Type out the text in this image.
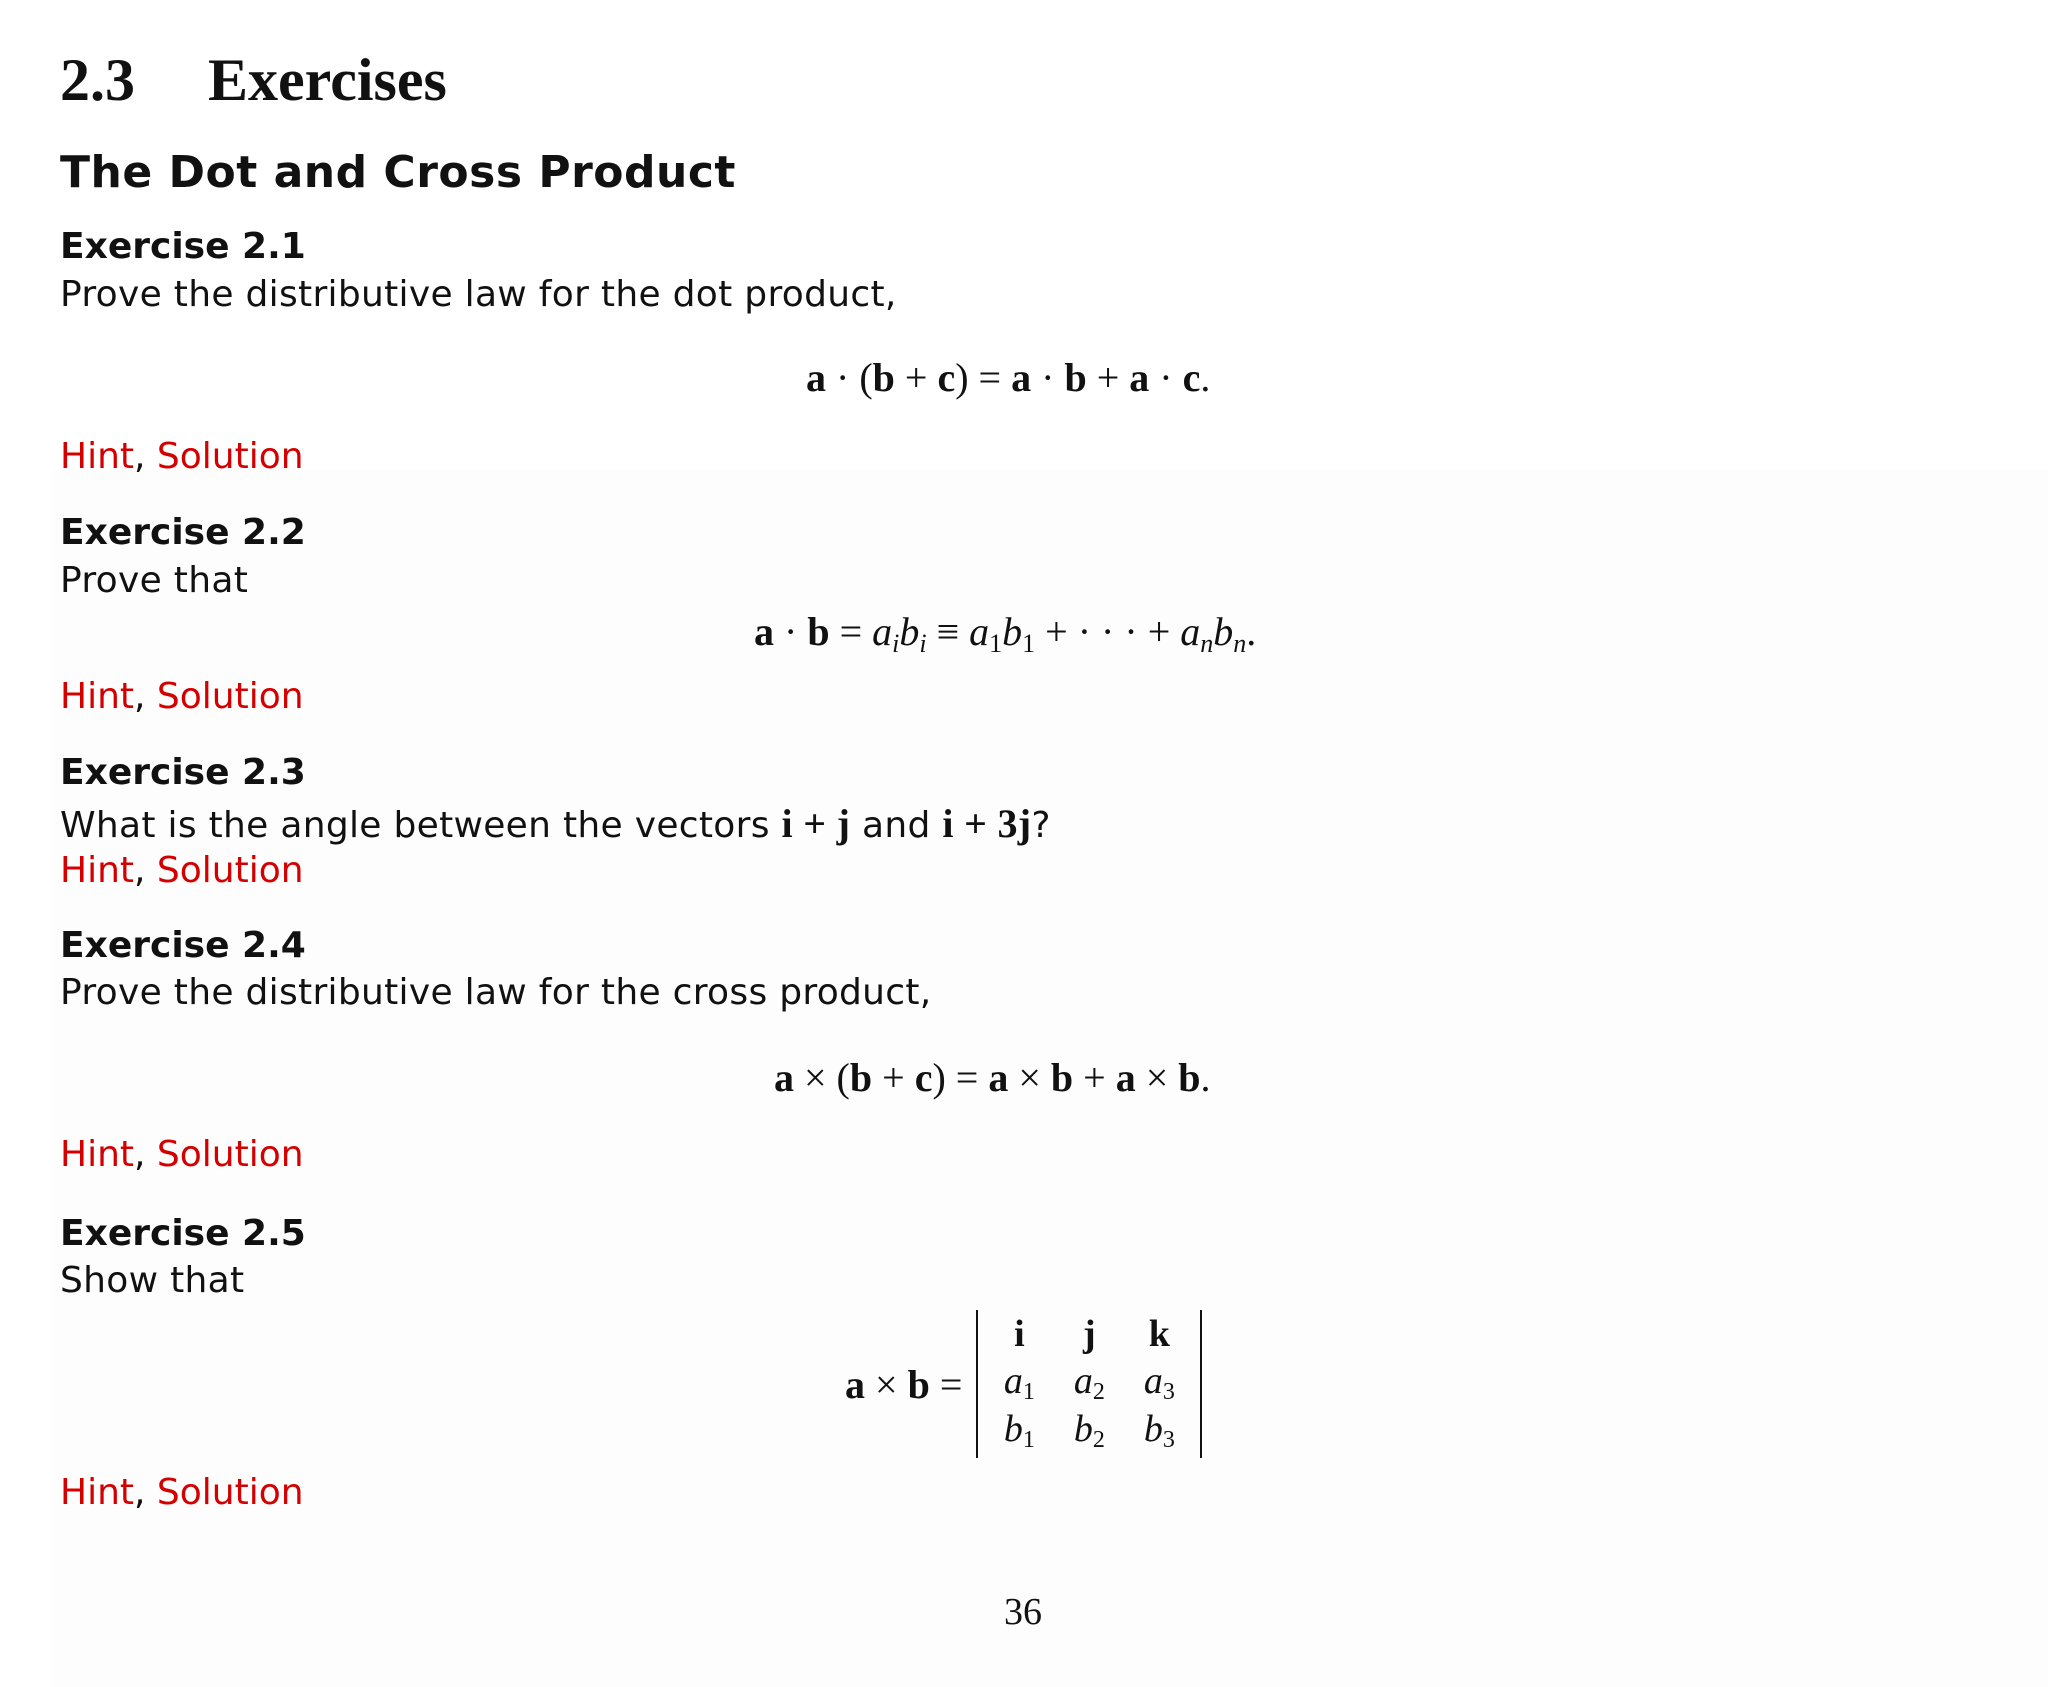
2.3 Exercises
The Dot and Cross Product
Exercise 2.1
Prove the distributive law for the dot product,
a · (b + c) = a · b + a · c.
Hint, Solution
Exercise 2.2
Prove that
$a \cdot b = a_ib_i \equiv a_1b_1$ + · · · + $a_nb_n$.
Hint, Solution
Exercise 2.3
What is the angle between the vectors i + j and i + 3j?
Hint, Solution
Exercise 2.4
Prove the distributive law for the cross product,
a × (b + c) = a × b + a × b.
Hint, Solution
Exercise 2.5
Show that
a × b =
i	j	k
$a_1$	$a_2$	$a_3$
$b_1$	$b_2$	$b_3$
Hint, Solution
36
